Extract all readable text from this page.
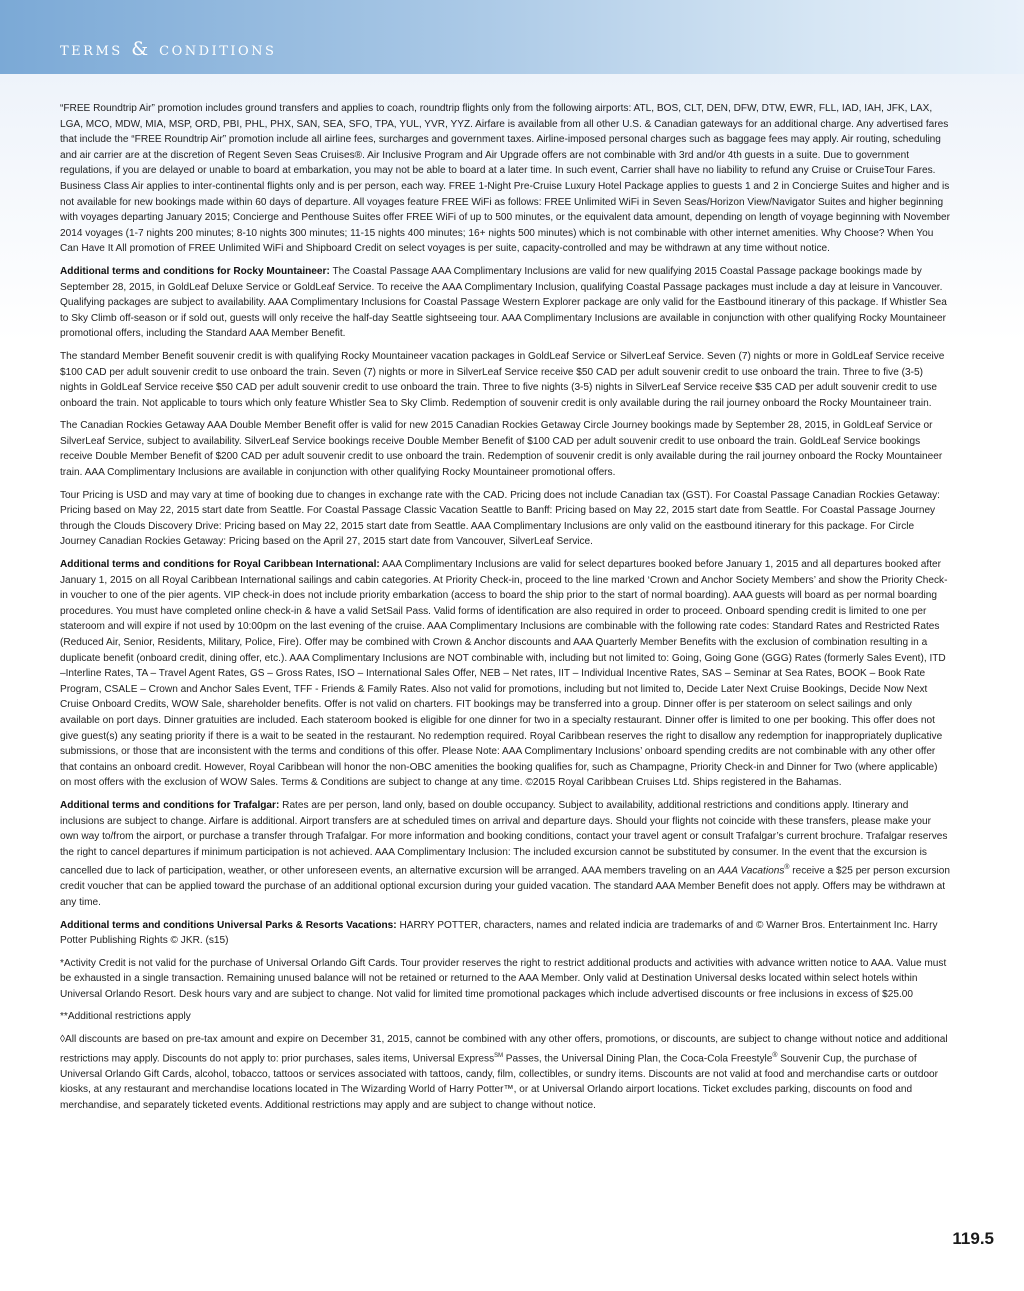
terms & conditions

“FREE Roundtrip Air” promotion includes ground transfers and applies to coach, roundtrip flights only from the following airports: ATL, BOS, CLT, DEN, DFW, DTW, EWR, FLL, IAD, IAH, JFK, LAX, LGA, MCO, MDW, MIA, MSP, ORD, PBI, PHL, PHX, SAN, SEA, SFO, TPA, YUL, YVR, YYZ. Airfare is available from all other U.S. & Canadian gateways for an additional charge. Any advertised fares that include the “FREE Roundtrip Air” promotion include all airline fees, surcharges and government taxes. Airline-imposed personal charges such as baggage fees may apply. Air routing, scheduling and air carrier are at the discretion of Regent Seven Seas Cruises®. Air Inclusive Program and Air Upgrade offers are not combinable with 3rd and/or 4th guests in a suite. Due to government regulations, if you are delayed or unable to board at embarkation, you may not be able to board at a later time. In such event, Carrier shall have no liability to refund any Cruise or CruiseTour Fares. Business Class Air applies to inter-continental flights only and is per person, each way. FREE 1-Night Pre-Cruise Luxury Hotel Package applies to guests 1 and 2 in Concierge Suites and higher and is not available for new bookings made within 60 days of departure. All voyages feature FREE WiFi as follows: FREE Unlimited WiFi in Seven Seas/Horizon View/Navigator Suites and higher beginning with voyages departing January 2015; Concierge and Penthouse Suites offer FREE WiFi of up to 500 minutes, or the equivalent data amount, depending on length of voyage beginning with November 2014 voyages (1-7 nights 200 minutes; 8-10 nights 300 minutes; 11-15 nights 400 minutes; 16+ nights 500 minutes) which is not combinable with other internet amenities. Why Choose? When You Can Have It All promotion of FREE Unlimited WiFi and Shipboard Credit on select voyages is per suite, capacity-controlled and may be withdrawn at any time without notice.

Additional terms and conditions for Rocky Mountaineer: The Coastal Passage AAA Complimentary Inclusions are valid for new qualifying 2015 Coastal Passage package bookings made by September 28, 2015, in GoldLeaf Deluxe Service or GoldLeaf Service. To receive the AAA Complimentary Inclusion, qualifying Coastal Passage packages must include a day at leisure in Vancouver. Qualifying packages are subject to availability. AAA Complimentary Inclusions for Coastal Passage Western Explorer package are only valid for the Eastbound itinerary of this package. If Whistler Sea to Sky Climb off-season or if sold out, guests will only receive the half-day Seattle sightseeing tour. AAA Complimentary Inclusions are available in conjunction with other qualifying Rocky Mountaineer promotional offers, including the Standard AAA Member Benefit.

The standard Member Benefit souvenir credit is with qualifying Rocky Mountaineer vacation packages in GoldLeaf Service or SilverLeaf Service. Seven (7) nights or more in GoldLeaf Service receive $100 CAD per adult souvenir credit to use onboard the train. Seven (7) nights or more in SilverLeaf Service receive $50 CAD per adult souvenir credit to use onboard the train. Three to five (3-5) nights in GoldLeaf Service receive $50 CAD per adult souvenir credit to use onboard the train. Three to five nights (3-5) nights in SilverLeaf Service receive $35 CAD per adult souvenir credit to use onboard the train. Not applicable to tours which only feature Whistler Sea to Sky Climb. Redemption of souvenir credit is only available during the rail journey onboard the Rocky Mountaineer train.

The Canadian Rockies Getaway AAA Double Member Benefit offer is valid for new 2015 Canadian Rockies Getaway Circle Journey bookings made by September 28, 2015, in GoldLeaf Service or SilverLeaf Service, subject to availability. SilverLeaf Service bookings receive Double Member Benefit of $100 CAD per adult souvenir credit to use onboard the train. GoldLeaf Service bookings receive Double Member Benefit of $200 CAD per adult souvenir credit to use onboard the train. Redemption of souvenir credit is only available during the rail journey onboard the Rocky Mountaineer train. AAA Complimentary Inclusions are available in conjunction with other qualifying Rocky Mountaineer promotional offers.

Tour Pricing is USD and may vary at time of booking due to changes in exchange rate with the CAD. Pricing does not include Canadian tax (GST). For Coastal Passage Canadian Rockies Getaway: Pricing based on May 22, 2015 start date from Seattle. For Coastal Passage Classic Vacation Seattle to Banff: Pricing based on May 22, 2015 start date from Seattle. For Coastal Passage Journey through the Clouds Discovery Drive: Pricing based on May 22, 2015 start date from Seattle. AAA Complimentary Inclusions are only valid on the eastbound itinerary for this package. For Circle Journey Canadian Rockies Getaway: Pricing based on the April 27, 2015 start date from Vancouver, SilverLeaf Service.

Additional terms and conditions for Royal Caribbean International: AAA Complimentary Inclusions are valid for select departures booked before January 1, 2015 and all departures booked after January 1, 2015 on all Royal Caribbean International sailings and cabin categories. At Priority Check-in, proceed to the line marked ‘Crown and Anchor Society Members’ and show the Priority Check-in voucher to one of the pier agents. VIP check-in does not include priority embarkation (access to board the ship prior to the start of normal boarding). AAA guests will board as per normal boarding procedures. You must have completed online check-in & have a valid SetSail Pass. Valid forms of identification are also required in order to proceed. Onboard spending credit is limited to one per stateroom and will expire if not used by 10:00pm on the last evening of the cruise. AAA Complimentary Inclusions are combinable with the following rate codes: Standard Rates and Restricted Rates (Reduced Air, Senior, Residents, Military, Police, Fire). Offer may be combined with Crown & Anchor discounts and AAA Quarterly Member Benefits with the exclusion of combination resulting in a duplicate benefit (onboard credit, dining offer, etc.). AAA Complimentary Inclusions are NOT combinable with, including but not limited to: Going, Going Gone (GGG) Rates (formerly Sales Event), ITD –Interline Rates, TA – Travel Agent Rates, GS – Gross Rates, ISO – International Sales Offer, NEB – Net rates, IIT – Individual Incentive Rates, SAS – Seminar at Sea Rates, BOOK – Book Rate Program, CSALE – Crown and Anchor Sales Event, TFF - Friends & Family Rates. Also not valid for promotions, including but not limited to, Decide Later Next Cruise Bookings, Decide Now Next Cruise Onboard Credits, WOW Sale, shareholder benefits. Offer is not valid on charters. FIT bookings may be transferred into a group. Dinner offer is per stateroom on select sailings and only available on port days. Dinner gratuities are included. Each stateroom booked is eligible for one dinner for two in a specialty restaurant. Dinner offer is limited to one per booking. This offer does not give guest(s) any seating priority if there is a wait to be seated in the restaurant. No redemption required. Royal Caribbean reserves the right to disallow any redemption for inappropriately duplicative submissions, or those that are inconsistent with the terms and conditions of this offer. Please Note: AAA Complimentary Inclusions’ onboard spending credits are not combinable with any other offer that contains an onboard credit. However, Royal Caribbean will honor the non-OBC amenities the booking qualifies for, such as Champagne, Priority Check-in and Dinner for Two (where applicable) on most offers with the exclusion of WOW Sales. Terms & Conditions are subject to change at any time. ©2015 Royal Caribbean Cruises Ltd. Ships registered in the Bahamas.

Additional terms and conditions for Trafalgar: Rates are per person, land only, based on double occupancy. Subject to availability, additional restrictions and conditions apply. Itinerary and inclusions are subject to change. Airfare is additional. Airport transfers are at scheduled times on arrival and departure days. Should your flights not coincide with these transfers, please make your own way to/from the airport, or purchase a transfer through Trafalgar. For more information and booking conditions, contact your travel agent or consult Trafalgar’s current brochure. Trafalgar reserves the right to cancel departures if minimum participation is not achieved. AAA Complimentary Inclusion: The included excursion cannot be substituted by consumer. In the event that the excursion is cancelled due to lack of participation, weather, or other unforeseen events, an alternative excursion will be arranged. AAA members traveling on an AAA Vacations® receive a $25 per person excursion credit voucher that can be applied toward the purchase of an additional optional excursion during your guided vacation. The standard AAA Member Benefit does not apply. Offers may be withdrawn at any time.

Additional terms and conditions Universal Parks & Resorts Vacations: HARRY POTTER, characters, names and related indicia are trademarks of and © Warner Bros. Entertainment Inc. Harry Potter Publishing Rights © JKR. (s15)

*Activity Credit is not valid for the purchase of Universal Orlando Gift Cards. Tour provider reserves the right to restrict additional products and activities with advance written notice to AAA. Value must be exhausted in a single transaction. Remaining unused balance will not be retained or returned to the AAA Member. Only valid at Destination Universal desks located within select hotels within Universal Orlando Resort. Desk hours vary and are subject to change. Not valid for limited time promotional packages which include advertised discounts or free inclusions in excess of $25.00

**Additional restrictions apply

◊All discounts are based on pre-tax amount and expire on December 31, 2015, cannot be combined with any other offers, promotions, or discounts, are subject to change without notice and additional restrictions may apply. Discounts do not apply to: prior purchases, sales items, Universal Express℠ Passes, the Universal Dining Plan, the Coca-Cola Freestyle® Souvenir Cup, the purchase of Universal Orlando Gift Cards, alcohol, tobacco, tattoos or services associated with tattoos, candy, film, collectibles, or sundry items. Discounts are not valid at food and merchandise carts or outdoor kiosks, at any restaurant and merchandise locations located in The Wizarding World of Harry Potter™, or at Universal Orlando airport locations. Ticket excludes parking, discounts on food and merchandise, and separately ticketed events. Additional restrictions may apply and are subject to change without notice.

119.5
